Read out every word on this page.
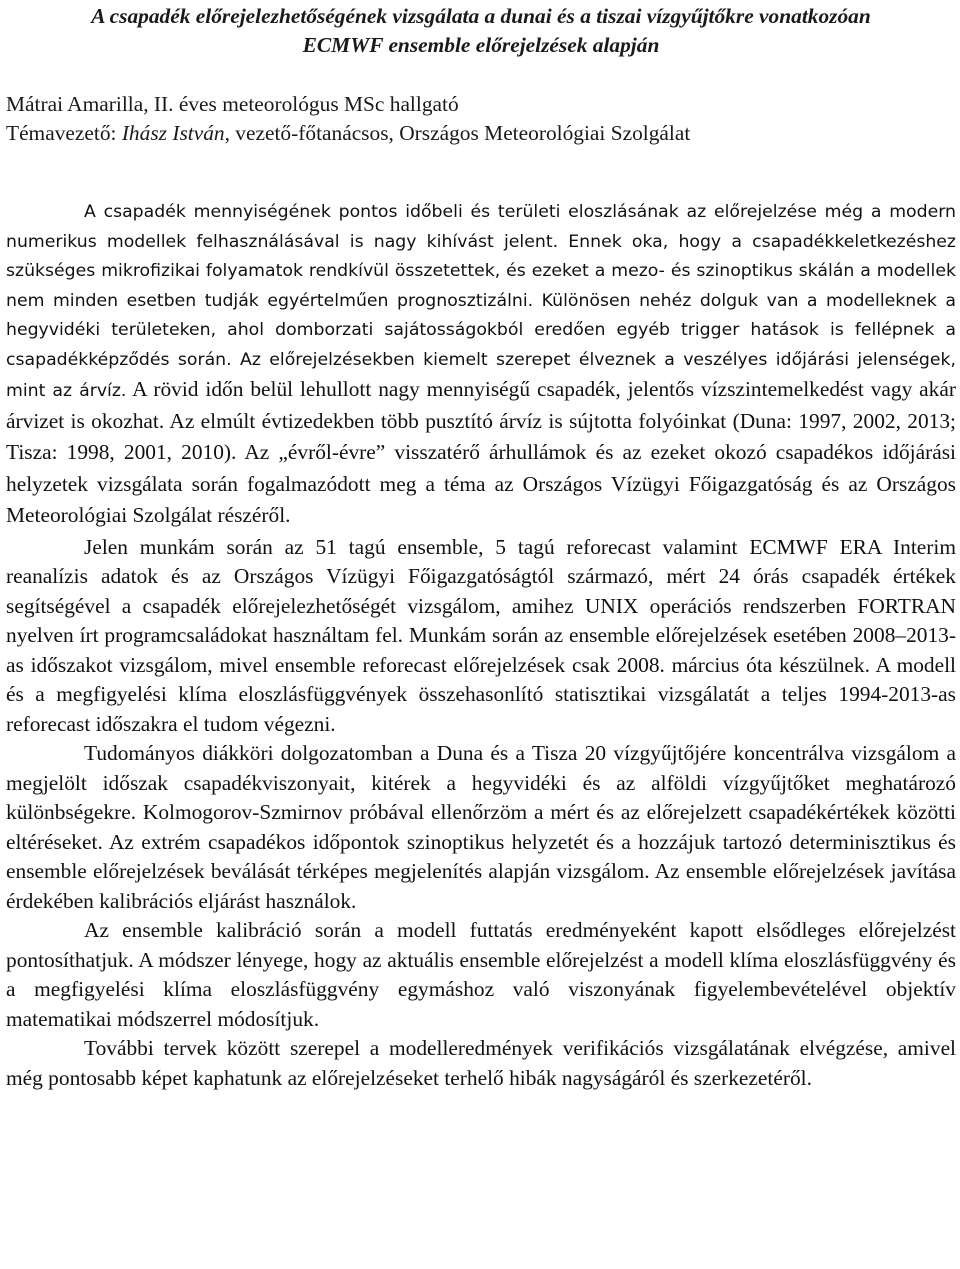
A csapadék előrejelezhetőségének vizsgálata a dunai és a tiszai vízgyűjtőkre vonatkozóan
ECMWF ensemble előrejelzések alapján
Mátrai Amarilla, II. éves meteorológus MSc hallgató
Témavezető: Ihász István, vezető-főtanácsos, Országos Meteorológiai Szolgálat

A csapadék mennyiségének pontos időbeli és területi eloszlásának az előrejelzése még a modern numerikus modellek felhasználásával is nagy kihívást jelent. Ennek oka, hogy a csapadékkeletkezéshez szükséges mikrofizikai folyamatok rendkívül összetettek, és ezeket a mezo- és szinoptikus skálán a modellek nem minden esetben tudják egyértelműen prognosztizálni. Különösen nehéz dolguk van a modelleknek a hegyvidéki területeken, ahol domborzati sajátosságokból eredően egyéb trigger hatások is fellépnek a csapadékképződés során. Az előrejelzésekben kiemelt szerepet élveznek a veszélyes időjárási jelenségek, mint az árvíz. A rövid időn belül lehullott nagy mennyiségű csapadék, jelentős vízszintemelkedést vagy akár árvizet is okozhat. Az elmúlt évtizedekben több pusztító árvíz is sújtotta folyóinkat (Duna: 1997, 2002, 2013; Tisza: 1998, 2001, 2010). Az „évről-évre” visszatérő árhullámok és az ezeket okozó csapadékos időjárási helyzetek vizsgálata során fogalmazódott meg a téma az Országos Vízügyi Főigazgatóság és az Országos Meteorológiai Szolgálat részéről.

Jelen munkám során az 51 tagú ensemble, 5 tagú reforecast valamint ECMWF ERA Interim reanalízis adatok és az Országos Vízügyi Főigazgatóságtól származó, mért 24 órás csapadék értékek segítségével a csapadék előrejelezhetőségét vizsgálom, amihez UNIX operációs rendszerben FORTRAN nyelven írt programcsaládokat használtam fel. Munkám során az ensemble előrejelzések esetében 2008–2013-as időszakot vizsgálom, mivel ensemble reforecast előrejelzések csak 2008. március óta készülnek. A modell és a megfigyelési klíma eloszlásfüggvények összehasonlító statisztikai vizsgálatát a teljes 1994-2013-as reforecast időszakra el tudom végezni.

Tudományos diákköri dolgozatomban a Duna és a Tisza 20 vízgyűjtőjére koncentrálva vizsgálom a megjelölt időszak csapadékviszonyait, kitérek a hegyvidéki és az alföldi vízgyűjtőket meghatározó különbségekre. Kolmogorov-Szmirnov próbával ellenőrzöm a mért és az előrejelzett csapadékértékek közötti eltéréseket. Az extrém csapadékos időpontok szinoptikus helyzetét és a hozzájuk tartozó determinisztikus és ensemble előrejelzések beválását térképes megjelenítés alapján vizsgálom. Az ensemble előrejelzések javítása érdekében kalibrációs eljárást használok.

Az ensemble kalibráció során a modell futtatás eredményeként kapott elsődleges előrejelzést pontosíthatjuk. A módszer lényege, hogy az aktuális ensemble előrejelzést a modell klíma eloszlásfüggvény és a megfigyelési klíma eloszlásfüggvény egymáshoz való viszonyának figyelembevételével objektív matematikai módszerrel módosítjuk.

További tervek között szerepel a modelleredmények verifikációs vizsgálatának elvégzése, amivel még pontosabb képet kaphatunk az előrejelzéseket terhelő hibák nagyságáról és szerkezetéről.
